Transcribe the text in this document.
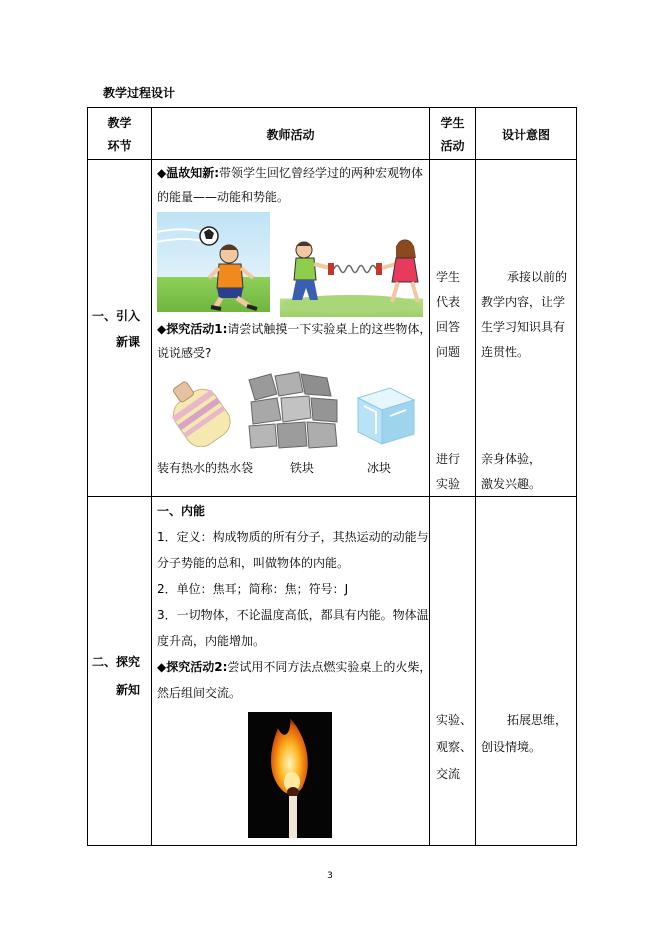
教学过程设计
教学
环节
教师活动
学生
活动
设计意图
一、引入
新课
◆温故知新:带领学生回忆曾经学过的两种宏观物体
的能量——动能和势能。
◆探究活动1:请尝试触摸一下实验桌上的这些物体，
说说感受?
装有热水的热水袋	铁块	冰块
学生
代表
回答
问题
进行
实验
承接以前的
教学内容，让学
生学习知识具有
连贯性。
亲身体验，
激发兴趣。
二、探究
新知
一、内能
1．定义：构成物质的所有分子，其热运动的动能与
分子势能的总和，叫做物体的内能。
2．单位：焦耳；简称：焦；符号：J
3．一切物体，不论温度高低，都具有内能。物体温
度升高，内能增加。
◆探究活动2:尝试用不同方法点燃实验桌上的火柴，
然后组间交流。
实验、
观察、
交流
拓展思维，
创设情境。
3
